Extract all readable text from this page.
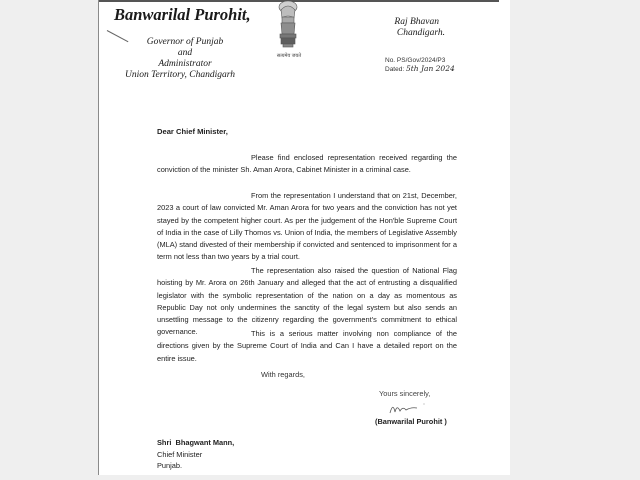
Banwarilal Purohit,
Governor of Punjab
and
Administrator
Union Territory, Chandigarh
सत्यमेव जयते
Raj Bhavan
Chandigarh.
No. PS/Gov/2024/P3
Dated: 5th Jan 2024
Dear Chief Minister,
Please find enclosed representation received regarding the conviction of the minister Sh. Aman Arora, Cabinet Minister in a criminal case.
From the representation I understand that on 21st, December, 2023 a court of law convicted Mr. Aman Arora for two years and the conviction has not yet stayed by the competent higher court. As per the judgement of the Hon'ble Supreme Court of India in the case of Lilly Thomos vs. Union of India, the members of Legislative Assembly (MLA) stand divested of their membership if convicted and sentenced to imprisonment for a term not less than two years by a trial court.
The representation also raised the question of National Flag hoisting by Mr. Arora on 26th January and alleged that the act of entrusting a disqualified legislator with the symbolic representation of the nation on a day as momentous as Republic Day not only undermines the sanctity of the legal system but also sends an unsettling message to the citizenry regarding the government's commitment to ethical governance.	This is a serious matter involving non compliance of the directions given by the Supreme Court of India and Can I have a detailed report on the entire issue.
With regards,
Yours sincerely,
(Banwarilal Purohit )
Shri  Bhagwant Mann,
Chief Minister
Punjab.
